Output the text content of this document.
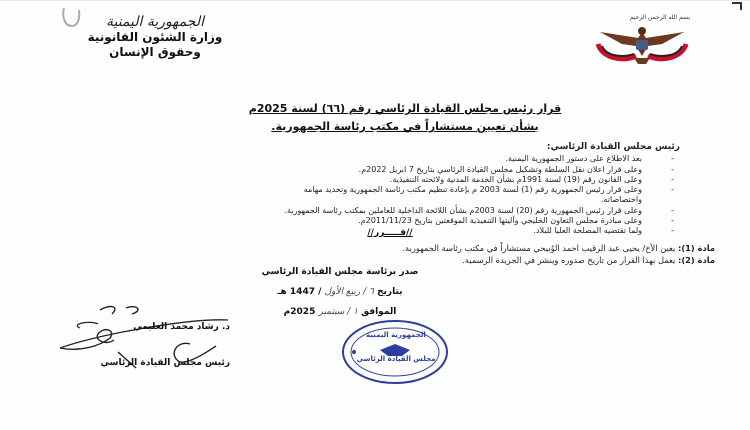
الجمهورية اليمنية
وزارة الشئون القانونية
وحقوق الإنسان
بسم الله الرحمن الرحيم
قرار رئيس مجلس القيادة الرئاسي رقم (٦٦) لسنة 2025م
بشأن تعيين مستشاراً في مكتب رئاسة الجمهورية.
رئيس مجلس القيادة الرئاسي:
-
بعد الاطلاع على دستور الجمهورية اليمنية.
-
وعلى قرار اعلان نقل السلطة وتشكيل مجلس القيادة الرئاسي بتاريخ 7 ابريل 2022م.
-
وعلى القانون رقم (19) لسنة 1991م بشأن الخدمة المدنية ولائحته التنفيذية.
-
وعلى قرار رئيس الجمهورية رقم (1) لسنة 2003 م بإعادة تنظيم مكتب رئاسة الجمهورية وتحديد مهامه
واختصاصاته.
-
وعلى قرار رئيس الجمهورية رقم (20) لسنة 2003م بشأن اللائحة الداخلية للعاملين بمكتب رئاسة الجمهورية.
-
وعلى مبادرة مجلس التعاون الخليجي وآليتها التنفيذية الموقعتين بتاريخ 2011/11/23م.
-
ولما تقتضيه المصلحة العليا للبلاد.
//قـــــرر//
مادة (1): يعين الأخ/ يحيى عبد الرقيب احمد الوُبيحي مستشاراً في مكتب رئاسة الجمهورية.
مادة (2): يعمل بهذا القرار من تاريخ صدوره وينشر في الجريدة الرسمية.
صدر برئاسة مجلس القيادة الرئاسي
بتاريخ ٦ / ربيع الأول / 1447 هـ
الموافق ١ / سبتمبر 2025م
د. رشاد محمد العليمي
رئيس مجلس القيادة الرئاسي
الجمهورية اليمنية
مجلس القيادة الرئاسي
